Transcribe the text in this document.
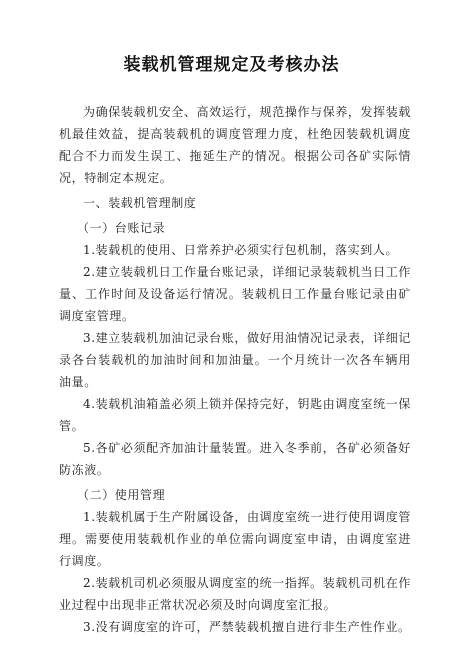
装载机管理规定及考核办法

为确保装载机安全、高效运行，规范操作与保养，发挥装载机最佳效益，提高装载机的调度管理力度，杜绝因装载机调度配合不力而发生误工、拖延生产的情况。根据公司各矿实际情况，特制定本规定。

一、装载机管理制度

（一）台账记录

1.装载机的使用、日常养护必须实行包机制，落实到人。

2.建立装载机日工作量台账记录，详细记录装载机当日工作量、工作时间及设备运行情况。装载机日工作量台账记录由矿调度室管理。

3.建立装载机加油记录台账，做好用油情况记录表，详细记录各台装载机的加油时间和加油量。一个月统计一次各车辆用油量。

4.装载机油箱盖必须上锁并保持完好，钥匙由调度室统一保管。

5.各矿必须配齐加油计量装置。进入冬季前，各矿必须备好防冻液。

（二）使用管理

1.装载机属于生产附属设备，由调度室统一进行使用调度管理。需要使用装载机作业的单位需向调度室申请，由调度室进行调度。

2.装载机司机必须服从调度室的统一指挥。装载机司机在作业过程中出现非正常状况必须及时向调度室汇报。

3.没有调度室的许可，严禁装载机擅自进行非生产性作业。
